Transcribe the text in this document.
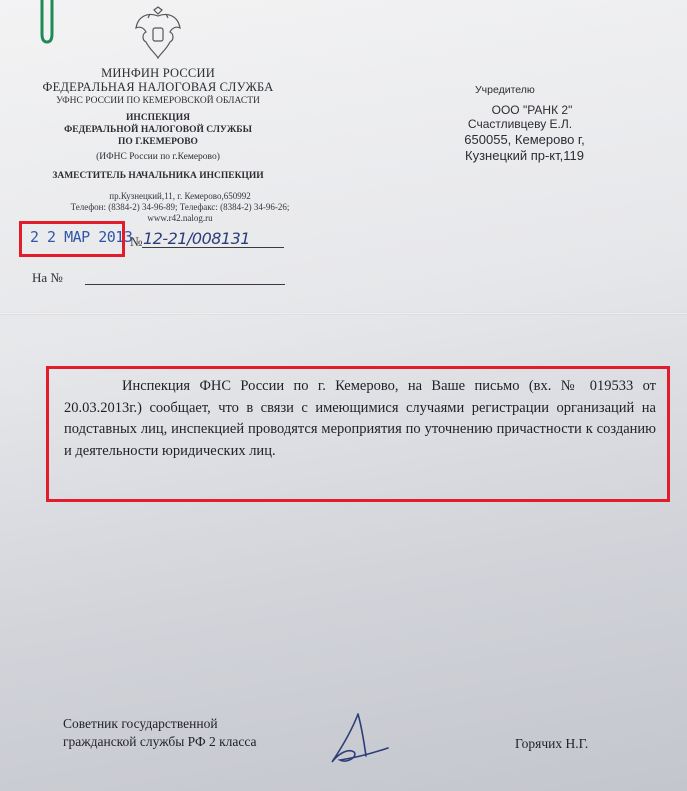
МИНФИН РОССИИ
ФЕДЕРАЛЬНАЯ НАЛОГОВАЯ СЛУЖБА
УФНС РОССИИ ПО КЕМЕРОВСКОЙ ОБЛАСТИ
ИНСПЕКЦИЯ
ФЕДЕРАЛЬНОЙ НАЛОГОВОЙ СЛУЖБЫ
ПО Г.КЕМЕРОВО
(ИФНС России по г.Кемерово)
ЗАМЕСТИТЕЛЬ НАЧАЛЬНИКА ИНСПЕКЦИИ
пр.Кузнецкий,11, г. Кемерово,650992
Телефон: (8384-2) 34-96-89; Телефакс: (8384-2) 34-96-26;
www.r42.nalog.ru
2 2 МАР 2013
№ 12-21/008131
На №
Учредителю
ООО "РАНК 2"
Счастливцеву Е.Л.
650055, Кемерово г,
Кузнецкий пр-кт,119
Инспекция ФНС России по г. Кемерово, на Ваше письмо (вх. № 019533 от 20.03.2013г.) сообщает, что в связи с имеющимися случаями регистрации организаций на подставных лиц, инспекцией проводятся мероприятия по уточнению причастности к созданию и деятельности юридических лиц.
Советник государственной
гражданской службы РФ 2 класса	Горячих Н.Г.
